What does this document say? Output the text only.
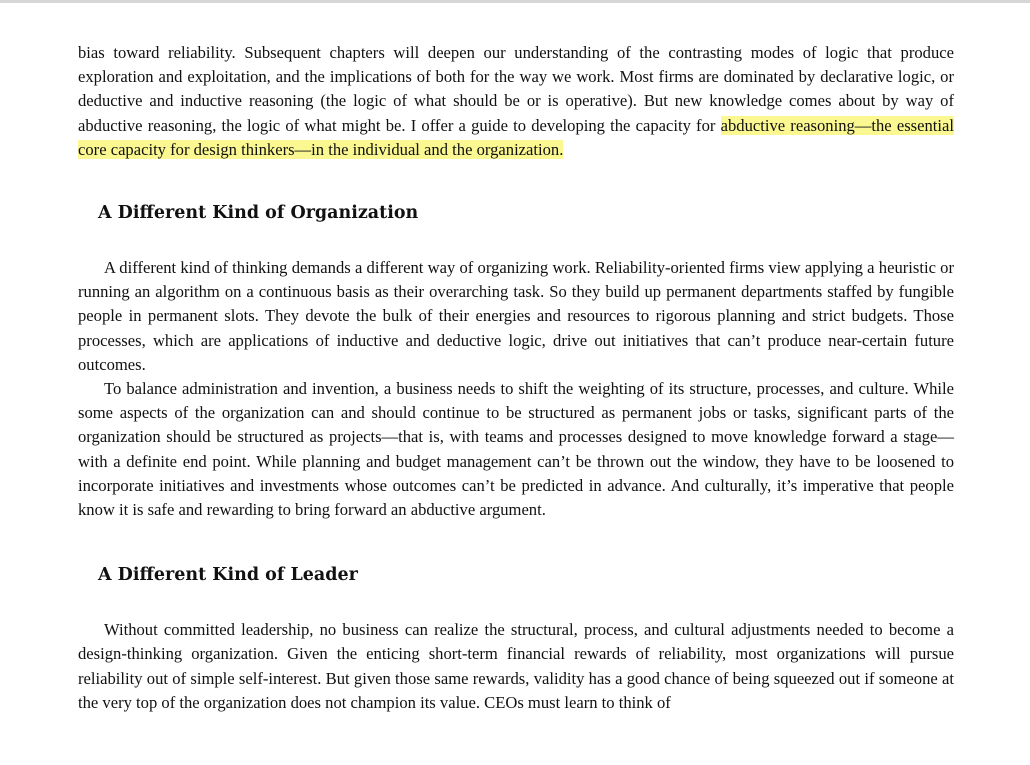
bias toward reliability. Subsequent chapters will deepen our understanding of the contrasting modes of logic that produce exploration and exploitation, and the implications of both for the way we work. Most firms are dominated by declarative logic, or deductive and inductive reasoning (the logic of what should be or is operative). But new knowledge comes about by way of abductive reasoning, the logic of what might be. I offer a guide to developing the capacity for abductive reasoning—the essential core capacity for design thinkers—in the individual and the organization.

A Different Kind of Organization

A different kind of thinking demands a different way of organizing work. Reliability-oriented firms view applying a heuristic or running an algorithm on a continuous basis as their overarching task. So they build up permanent departments staffed by fungible people in permanent slots. They devote the bulk of their energies and resources to rigorous planning and strict budgets. Those processes, which are applications of inductive and deductive logic, drive out initiatives that can’t produce near-certain future outcomes.

To balance administration and invention, a business needs to shift the weighting of its structure, processes, and culture. While some aspects of the organization can and should continue to be structured as permanent jobs or tasks, significant parts of the organization should be structured as projects—that is, with teams and processes designed to move knowledge forward a stage—with a definite end point. While planning and budget management can’t be thrown out the window, they have to be loosened to incorporate initiatives and investments whose outcomes can’t be predicted in advance. And culturally, it’s imperative that people know it is safe and rewarding to bring forward an abductive argument.

A Different Kind of Leader

Without committed leadership, no business can realize the structural, process, and cultural adjustments needed to become a design-thinking organization. Given the enticing short-term financial rewards of reliability, most organizations will pursue reliability out of simple self-interest. But given those same rewards, validity has a good chance of being squeezed out if someone at the very top of the organization does not champion its value. CEOs must learn to think of
